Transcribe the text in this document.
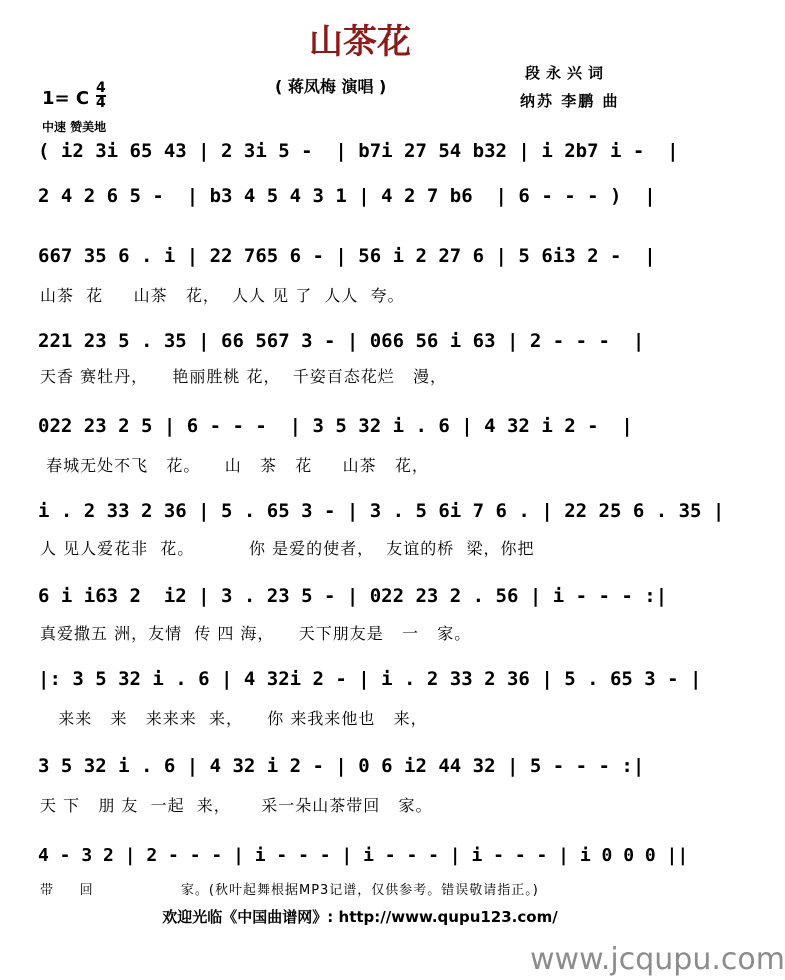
山茶花
( 蒋凤梅 演唱 )
段永兴词
纳苏 李鹏 曲
1= C 4
4
中速 赞美地
( i2 3i 65 43 | 2 3i 5 -  | b7i 27 54 b32 | i 2b7 i -  |
2 4 2 6 5 -  | b3 4 5 4 3 1 | 4 2 7 b6  | 6 - - - )  |
667 35 6 . i | 22 765 6 - | 56 i 2 27 6 | 5 6i3 2 -  |
山茶  花     山茶   花，  人人 见 了  人人  夸。
221 23 5 . 35 | 66 567 3 - | 066 56 i 63 | 2 - - -  |
天香 赛牡丹，    艳丽胜桃 花，  千姿百态花烂   漫，
022 23 2 5 | 6 - - -  | 3 5 32 i . 6 | 4 32 i 2 -  |
春城无处不飞   花。    山   茶   花     山茶   花，
i . 2 33 2 36 | 5 . 65 3 - | 3 . 5 6i 7 6 . | 22 25 6 . 35 |
人 见人爱花非  花。         你 是爱的使者，  友谊的桥  梁，你把
6 i i63 2  i2 | 3 . 23 5 - | 022 23 2 . 56 | i - - - :|
真爱撒五 洲，友情  传 四 海，    天下朋友是   一   家。
|: 3 5 32 i . 6 | 4 32i 2 - | i . 2 33 2 36 | 5 . 65 3 - |
来来   来   来来来  来，    你 来我来他也   来，
3 5 32 i . 6 | 4 32 i 2 - | 0 6 i2 44 32 | 5 - - - :|
天 下   朋 友  一起  来，     采一朵山茶带回   家。
4 - 3 2 | 2 - - - | i - - - | i - - - | i - - - | i 0 0 0 ||
带     回                 家。(秋叶起舞根据MP3记谱，仅供参考。错误敬请指正。)
欢迎光临《中国曲谱网》: http://www.qupu123.com/
www.jcqupu.com
